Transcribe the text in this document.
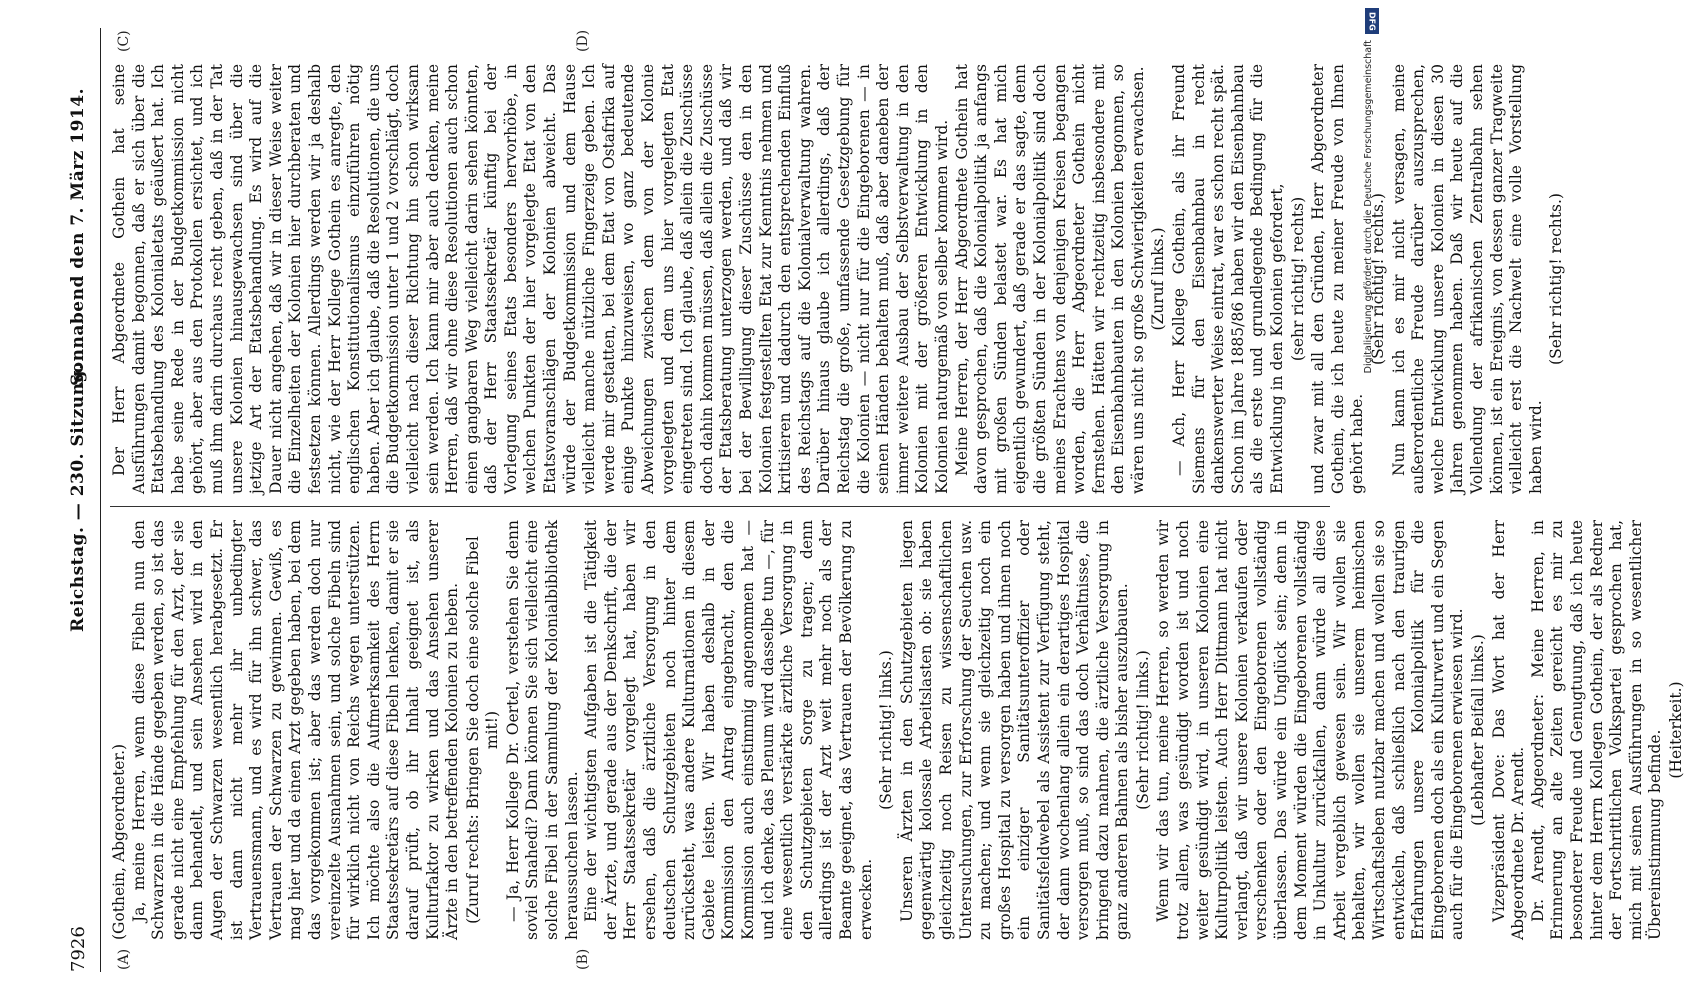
7926
Reichstag. — 230. Sitzung.
Sonnabend den 7. März 1914.
(A)	(B)
(C)	(D)

(Gothein, Abgeordneter.) Ja, meine Herren, wenn diese Fibeln nun den Schwarzen in die Hände gegeben werden, so ist das gerade nicht eine Empfehlung für den Arzt, der sie dann behandelt, und sein Ansehen wird in den Augen der Schwarzen wesentlich herabgesetzt. Er ist dann nicht mehr ihr unbedingter Vertrauensmann, und es wird für ihn schwer, das Vertrauen der Schwarzen zu gewinnen. Gewiß, es mag hier und da einen Arzt gegeben haben, bei dem das vorgekommen ist; aber das werden doch nur vereinzelte Ausnahmen sein, und solche Fibeln sind für wirklich nicht von Reichs wegen unterstützen. Ich möchte also die Aufmerksamkeit des Herrn Staatssekretärs auf diese Fibeln lenken, damit er sie darauf prüft, ob ihr Inhalt geeignet ist, als Kulturfaktor zu wirken und das Ansehen unserer Ärzte in den betreffenden Kolonien zu heben. (Zuruf rechts: Bringen Sie doch eine solche Fibel mit!) — Ja, Herr Kollege Dr. Oertel, verstehen Sie denn soviel Snahedi? Dann können Sie sich vielleicht eine solche Fibel in der Sammlung der Kolonialbibliothek heraussuchen lassen. Eine der wichtigsten Aufgaben ist die Tätigkeit der Ärzte, und gerade aus der Denkschrift, die der Herr Staatssekretär vorgelegt hat, haben wir ersehen, daß die ärztliche Versorgung in den deutschen Schutzgebieten noch hinter dem zurücksteht, was andere Kulturnationen in diesem Gebiete leisten. Wir haben deshalb in der Kommission den Antrag eingebracht, den die Kommission auch einstimmig angenommen hat — und ich denke, das Plenum wird dasselbe tun —, für eine wesentlich verstärkte ärztliche Versorgung in den Schutzgebieten Sorge zu tragen; denn allerdings ist der Arzt weit mehr noch als der Beamte geeignet, das Vertrauen der Bevölkerung zu erwecken.

(Sehr richtig! links.) Unseren Ärzten in den Schutzgebieten liegen gegenwärtig kolossale Arbeitslasten ob: sie haben gleichzeitig noch Reisen zu wissenschaftlichen Untersuchungen, zur Erforschung der Seuchen usw. zu machen; und wenn sie gleichzeitig noch ein großes Hospital zu versorgen haben und ihnen noch ein einziger Sanitätsunteroffizier oder Sanitätsfeldwebel als Assistent zur Verfügung steht, der dann wochenlang allein ein derartiges Hospital versorgen muß, so sind das doch Verhältnisse, die bringend dazu mahnen, die ärztliche Versorgung in ganz anderen Bahnen als bisher auszubauen. (Sehr richtig! links.) Wenn wir das tun, meine Herren, so werden wir trotz allem, was gesündigt worden ist und noch weiter gesündigt wird, in unseren Kolonien eine Kulturpolitik leisten. Auch Herr Dittmann hat nicht verlangt, daß wir unsere Kolonien verkaufen oder verschenken oder den Eingeborenen vollständig überlassen. Das würde ein Unglück sein; denn in dem Moment würden die Eingeborenen vollständig in Unkultur zurückfallen, dann würde all diese Arbeit vergeblich gewesen sein. Wir wollen sie behalten, wir wollen sie unserem heimischen Wirtschaftsleben nutzbar machen und wollen sie so entwickeln, daß schließlich nach den traurigen Erfahrungen unsere Kolonialpolitik für die Eingeborenen doch als ein Kulturwert und ein Segen auch für die Eingeborenen erwiesen wird. (Lebhafter Beifall links.) Vizepräsident Dove: Das Wort hat der Herr Abgeordnete Dr. Arendt. Dr. Arendt, Abgeordneter: Meine Herren, in Erinnerung an alte Zeiten gereicht es mir zu besonderer Freude und Genugtuung, daß ich heute hinter dem Herrn Kollegen Gothein, der als Redner der Fortschrittlichen Volkspartei gesprochen hat, mich mit seinen Ausführungen in so wesentlicher Übereinstimmung befinde. (Heiterkeit.)

Der Herr Abgeordnete Gothein hat seine Ausführungen damit begonnen, daß er sich über die Etatsbehandlung des Kolonialetats geäußert hat. Ich habe seine Rede in der Budgetkommission nicht gehört, aber aus den Protokollen ersichtet, und ich muß ihm darin durchaus recht geben, daß in der Tat unsere Kolonien hinausgewachsen sind über die jetzige Art der Etatsbehandlung. Es wird auf die Dauer nicht angehen, daß wir in dieser Weise weiter die Einzelheiten der Kolonien hier durchberaten und festsetzen können. Allerdings werden wir ja deshalb nicht, wie der Herr Kollege Gothein es anregte, den englischen Konstitutionalismus einzuführen nötig haben. Aber ich glaube, daß die Resolutionen, die uns die Budgetkommission unter 1 und 2 vorschlägt, doch vielleicht nach dieser Richtung hin schon wirksam sein werden. Ich kann mir aber auch denken, meine Herren, daß wir ohne diese Resolutionen auch schon einen gangbaren Weg vielleicht darin sehen könnten, daß der Herr Staatssekretär künftig bei der Vorlegung seines Etats besonders hervorhöbe, in welchen Punkten der hier vorgelegte Etat von den Etatsvoranschlägen der Kolonien abweicht. Das würde der Budgetkommission und dem Hause vielleicht manche nützliche Fingerzeige geben. Ich werde mir gestatten, bei dem Etat von Ostafrika auf einige Punkte hinzuweisen, wo ganz bedeutende Abweichungen zwischen dem von der Kolonie vorgelegten und dem uns hier vorgelegten Etat eingetreten sind. Ich glaube, daß allein die Zuschüsse doch dahin kommen müssen, daß allein die Zuschüsse der Etatsberatung unterzogen werden, und daß wir bei der Bewilligung dieser Zuschüsse den in den Kolonien festgestellten Etat zur Kenntnis nehmen und kritisieren und dadurch den entsprechenden Einfluß des Reichstags auf die Kolonialverwaltung wahren. Darüber hinaus glaube ich allerdings, daß der Reichstag die große, umfassende Gesetzgebung für die Kolonien — nicht nur für die Eingeborenen — in seinen Händen behalten muß, daß aber daneben der immer weitere Ausbau der Selbstverwaltung in den Kolonien mit der größeren Entwicklung in den Kolonien naturgemäß von selber kommen wird. Meine Herren, der Herr Abgeordnete Gothein hat davon gesprochen, daß die Kolonialpolitik ja anfangs mit großen Sünden belastet war. Es hat mich eigentlich gewundert, daß gerade er das sagte, denn die größten Sünden in der Kolonialpolitik sind doch meines Erachtens von denjenigen Kreisen begangen worden, die Herr Abgeordneter Gothein nicht fernstehen. Hätten wir rechtzeitig insbesondere mit den Eisenbahnbauten in den Kolonien begonnen, so wären uns nicht so große Schwierigkeiten erwachsen. (Zuruf links.) — Ach, Herr Kollege Gothein, als ihr Freund Siemens für den Eisenbahnbau in recht dankenswerter Weise eintrat, war es schon recht spät. Schon im Jahre 1885/86 haben wir den Eisenbahnbau als die erste und grundlegende Bedingung für die Entwicklung in den Kolonien gefordert, (sehr richtig! rechts) und zwar mit all den Gründen, Herr Abgeordneter Gothein, die ich heute zu meiner Freude von Ihnen gehört habe.

(Sehr richtig! rechts.) Nun kann ich es mir nicht versagen, meine außerordentliche Freude darüber auszusprechen, welche Entwicklung unsere Kolonien in diesen 30 Jahren genommen haben. Daß wir heute auf die Vollendung der afrikanischen Zentralbahn sehen können, ist ein Ereignis, von dessen ganzer Tragweite vielleicht erst die Nachwelt eine volle Vorstellung haben wird.

(Sehr richtig! rechts.)

DFG
Digitalisierung gefördert durch die Deutsche Forschungsgemeinschaft
